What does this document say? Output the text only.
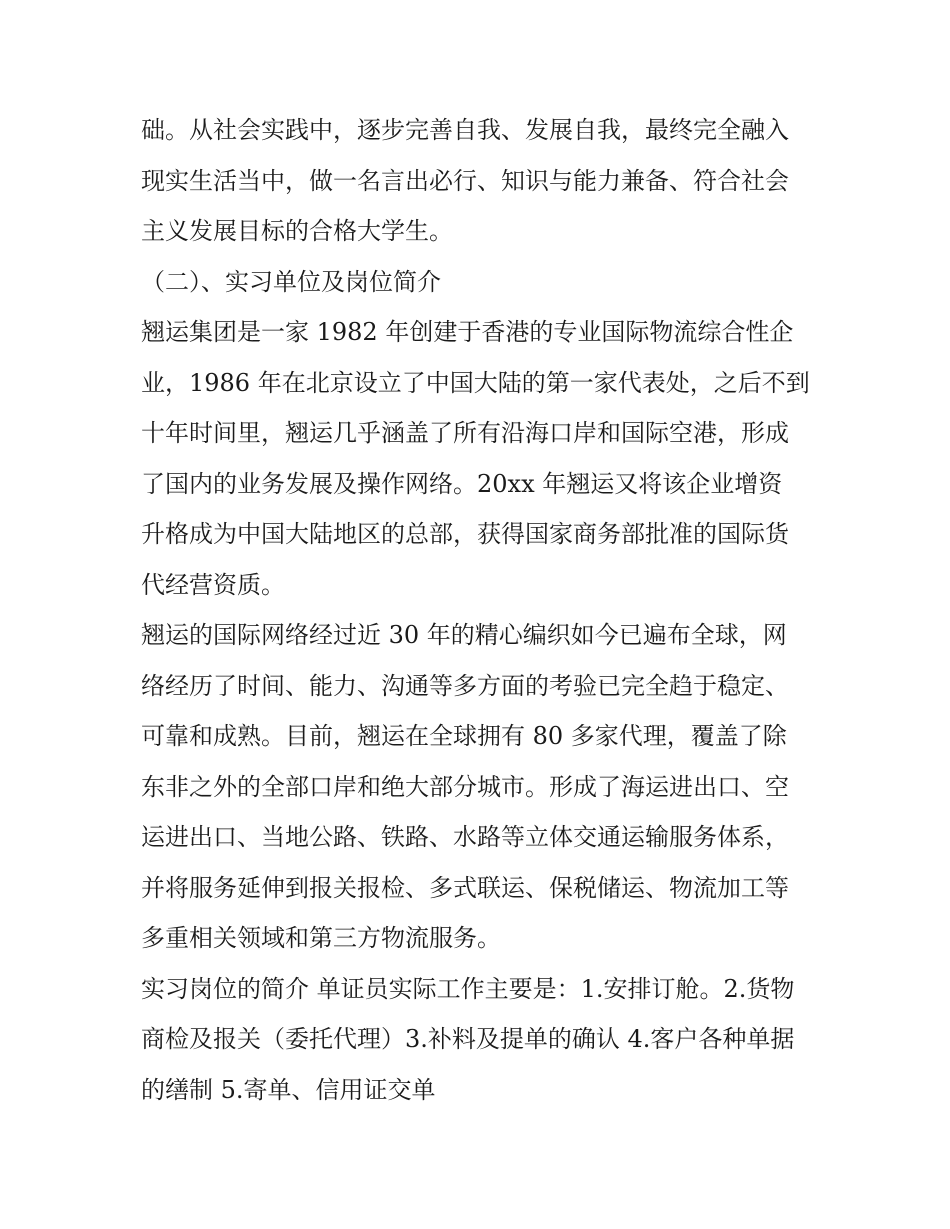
础。从社会实践中，逐步完善自我、发展自我，最终完全融入
现实生活当中，做一名言出必行、知识与能力兼备、符合社会
主义发展目标的合格大学生。
（二）、实习单位及岗位简介
翘运集团是一家 1982 年创建于香港的专业国际物流综合性企
业，1986 年在北京设立了中国大陆的第一家代表处，之后不到
十年时间里，翘运几乎涵盖了所有沿海口岸和国际空港，形成
了国内的业务发展及操作网络。20xx 年翘运又将该企业增资
升格成为中国大陆地区的总部，获得国家商务部批准的国际货
代经营资质。
翘运的国际网络经过近 30 年的精心编织如今已遍布全球，网
络经历了时间、能力、沟通等多方面的考验已完全趋于稳定、
可靠和成熟。目前，翘运在全球拥有 80 多家代理，覆盖了除
东非之外的全部口岸和绝大部分城市。形成了海运进出口、空
运进出口、当地公路、铁路、水路等立体交通运输服务体系，
并将服务延伸到报关报检、多式联运、保税储运、物流加工等
多重相关领域和第三方物流服务。
实习岗位的简介 单证员实际工作主要是：1.安排订舱。2.货物
商检及报关（委托代理）3.补料及提单的确认 4.客户各种单据
的缮制 5.寄单、信用证交单
